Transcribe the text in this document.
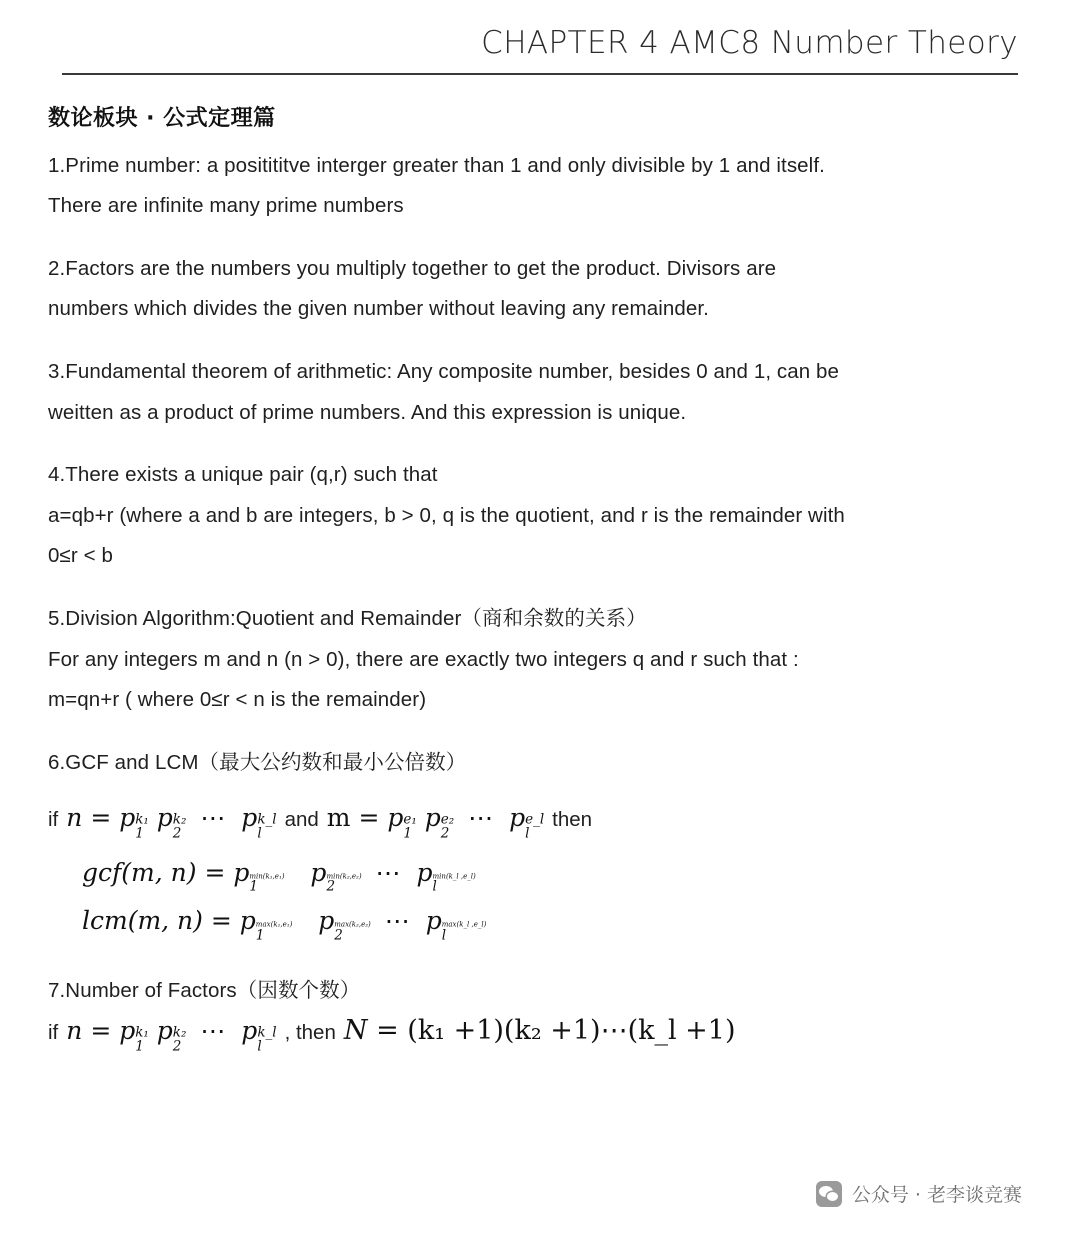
CHAPTER 4 AMC8 Number Theory
数论板块 · 公式定理篇
1.Prime number: a positititve interger greater than 1 and only divisible by 1 and itself.
There are infinite many prime numbers
2.Factors are the numbers you multiply together to get the product. Divisors are
numbers which divides the given number without leaving any remainder.
3.Fundamental theorem of arithmetic: Any composite number, besides 0 and 1, can be
weitten as a product of prime numbers. And this expression is unique.
4.There exists a unique pair (q,r) such that
a=qb+r (where a and b are integers, b > 0, q is the quotient, and r is the remainder with
0≤r < b
5.Division Algorithm:Quotient and Remainder（商和余数的关系）
For any integers m and n (n > 0), there are exactly two integers q and r such that :
m=qn+r ( where 0≤r < n is the remainder)
6.GCF and LCM（最大公约数和最小公倍数）
if n = p k₁
1
p k₂
2
⋯ p k_l
l
and m = p e₁
1
p e₂
2
⋯ p e_l
l
then
gcf(m, n) = p min(k₁,e₁)
1	p min(k₂,e₂)
2	⋯ p min(k_l ,e_l)
l
lcm(m, n) = p max(k₁,e₁)
1	p max(k₂,e₂)
2	⋯ p max(k_l ,e_l)
l
7.Number of Factors（因数个数）
if n = p k₁
1
p k₂
2
⋯ p k_l
l
, then N = (k₁ +1)(k₂ +1)⋯(k_l +1)
公众号 · 老李谈竞赛
